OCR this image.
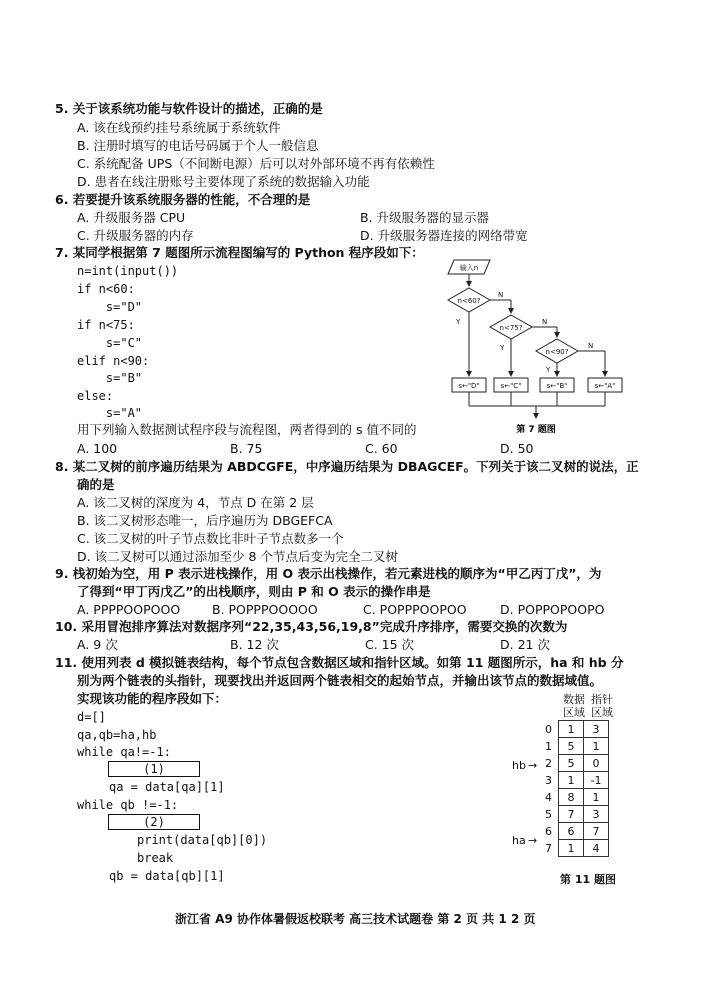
5. 关于该系统功能与软件设计的描述，正确的是
A. 该在线预约挂号系统属于系统软件
B. 注册时填写的电话号码属于个人一般信息
C. 系统配备 UPS（不间断电源）后可以对外部环境不再有依赖性
D. 患者在线注册账号主要体现了系统的数据输入功能
6. 若要提升该系统服务器的性能，不合理的是
A. 升级服务器 CPU	B. 升级服务器的显示器
C. 升级服务器的内存	D. 升级服务器连接的网络带宽
7. 某同学根据第 7 题图所示流程图编写的 Python 程序段如下：
n=int(input())
if n<60:
s="D"
if n<75:
s="C"
elif n<90:
s="B"
else:
s="A"
用下列输入数据测试程序段与流程图，两者得到的 s 值不同的
A. 100	B. 75	C. 60	D. 50
输入n
n<60?
n<75?
n<90?
N
N
N
Y
Y
Y
s←"D"	s←"C"	s←"B"	s←"A"
第 7 题图
8. 某二叉树的前序遍历结果为 ABDCGFE，中序遍历结果为 DBAGCEF。下列关于该二叉树的说法，正
确的是
A. 该二叉树的深度为 4，节点 D 在第 2 层
B. 该二叉树形态唯一，后序遍历为 DBGEFCA
C. 该二叉树的叶子节点数比非叶子节点数多一个
D. 该二叉树可以通过添加至少 8 个节点后变为完全二叉树
9. 栈初始为空，用 P 表示进栈操作，用 O 表示出栈操作，若元素进栈的顺序为“甲乙丙丁戊”，为
了得到“甲丁丙戊乙”的出栈顺序，则由 P 和 O 表示的操作串是
A. PPPPOOPOOO	B. POPPPOOOOO	C. POPPPOOPOO	D. POPPOPOOPO
10. 采用冒泡排序算法对数据序列“22,35,43,56,19,8”完成升序排序，需要交换的次数为
A. 9 次	B. 12 次	C. 15 次	D. 21 次
11. 使用列表 d 模拟链表结构，每个节点包含数据区域和指针区域。如第 11 题图所示，ha 和 hb 分
别为两个链表的头指针，现要找出并返回两个链表相交的起始节点，并输出该节点的数据域值。
实现该功能的程序段如下：
d=[]
qa,qb=ha,hb
while qa!=-1:
(1)
qa = data[qa][1]
while qb !=-1:
(2)
print(data[qb][0])
break
qb = data[qb][1]
数据
区域
指针
区域
0	1	3
1	5	1
2	5	0
3	1	-1
4	8	1
5	7	3
6	6	7
7	1	4
hb →
ha →
第 11 题图
浙江省 A9 协作体暑假返校联考 高三技术试题卷 第 2 页 共 1 2 页
